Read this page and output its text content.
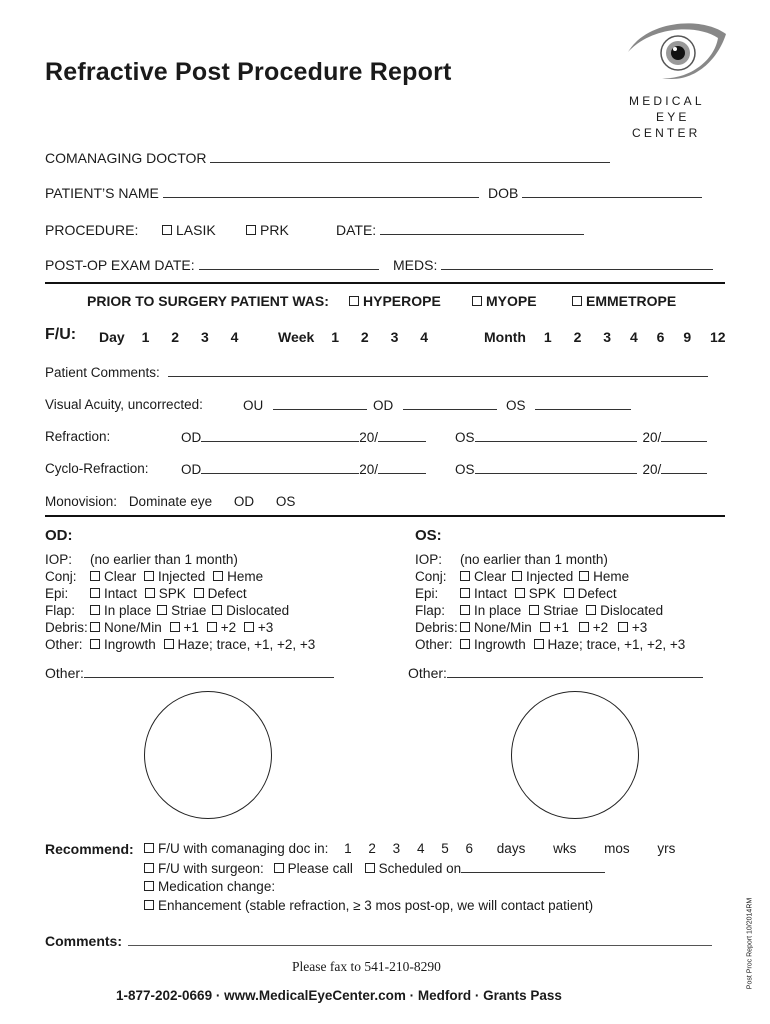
Refractive Post Procedure Report
MEDICAL
EYE
CENTER
COMANAGING DOCTOR
PATIENT’S NAME	DOB
PROCEDURE:	LASIK	PRK	DATE:
POST-OP EXAM DATE:	MEDS:
PRIOR TO SURGERY PATIENT WAS:	HYPEROPE	MYOPE	EMMETROPE
F/U: Day 1 2 3 4	Week 1 2 3 4	Month 1 2 3 4 6 9 12
Patient Comments:
Visual Acuity, uncorrected:	OU	OD	OS
Refraction:	OD	20/	OS	20/
Cyclo-Refraction: OD	20/	OS	20/
Monovision: Dominate eye OD OS
OD:
IOP: (no earlier than 1 month)
Conj: Clear Injected Heme
Epi:	Intact SPK Defect
Flap: In place Striae Dislocated
Debris: None/Min +1 +2 +3
Other: Ingrowth Haze; trace, +1, +2, +3
Other:
OS:
IOP: (no earlier than 1 month)
Conj: Clear Injected Heme
Epi:	Intact SPK Defect
Flap: In place Striae Dislocated
Debris: None/Min +1 +2 +3
Other: Ingrowth Haze; trace, +1, +2, +3
Other:
Recommend:	F/U with comanaging doc in: 1 2 3 4 5 6 days wks mos yrs
F/U with surgeon: Please call Scheduled on
Medication change:
Enhancement (stable refraction, ≥ 3 mos post-op, we will contact patient)
Comments:
Please fax to 541-210-8290
1-877-202-0669 · www.MedicalEyeCenter.com · Medford · Grants Pass
Post Proc Report 10/2014RM
